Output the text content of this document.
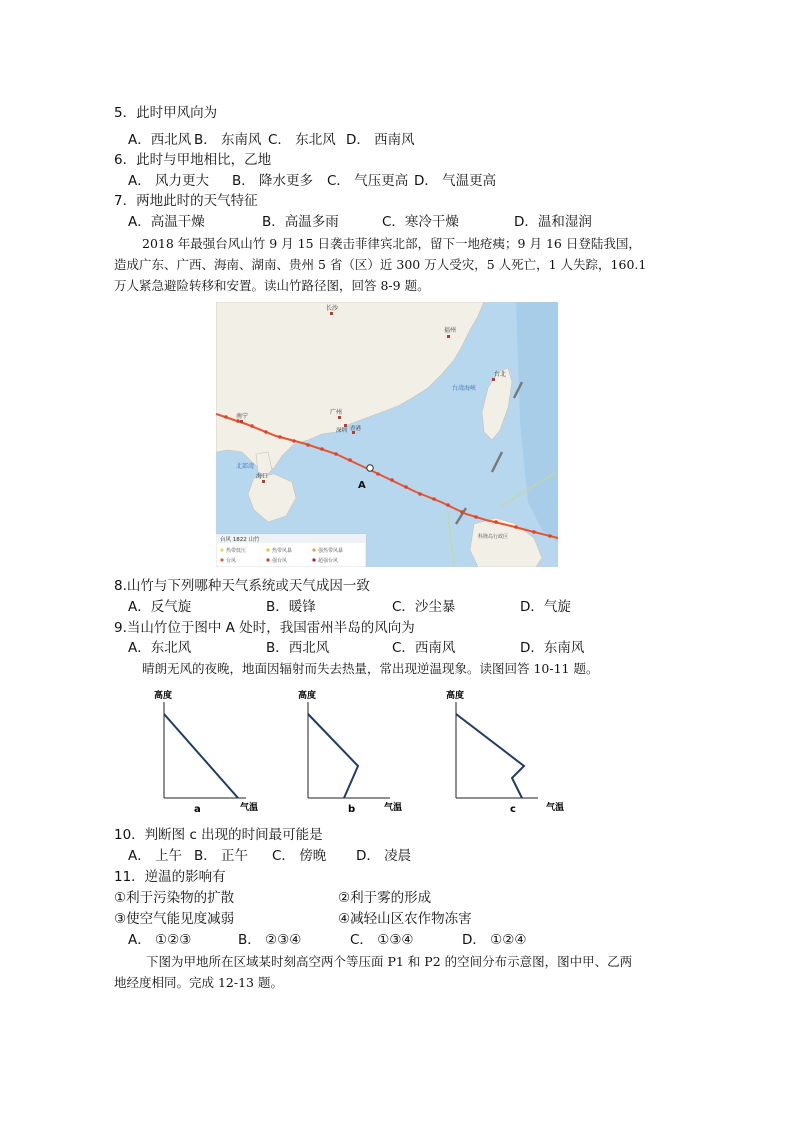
5．此时甲风向为
A．西北风 B． 东南风 C． 东北风 D． 西南风
6．此时与甲地相比，乙地
A． 风力更大 B． 降水更多 C． 气压更高 D． 气温更高
7．两地此时的天气特征
A．高温干燥	B．高温多雨	C．寒冷干燥	D．温和湿润
2018 年最强台风山竹 9 月 15 日袭击菲律宾北部，留下一地疮痍；9 月 16 日登陆我国，
造成广东、广西、海南、湖南、贵州 5 省（区）近 300 万人受灾，5 人死亡，1 人失踪，160.1
万人紧急避险转移和安置。读山竹路径图，回答 8-9 题。
长沙
福州
广州
深圳 香港
南宁
海口
北部湾
台湾海峡
台北
科隆岛行政区
A
台风 1822 山竹
热带低压	热带风暴	强热带风暴
台风	强台风	超强台风
8.山竹与下列哪种天气系统或天气成因一致
A．反气旋	B．暖锋	C．沙尘暴	D．气旋
9.当山竹位于图中 A 处时，我国雷州半岛的风向为
A．东北风	B．西北风	C．西南风	D．东南风
晴朗无风的夜晚，地面因辐射而失去热量，常出现逆温现象。读图回答 10-11 题。
高度
a	气温
高度
b	气温
高度
c	气温
10．判断图 c 出现的时间最可能是
A． 上午 B． 正午 C． 傍晚 D． 凌晨
11．逆温的影响有
①利于污染物的扩散	②利于雾的形成
③使空气能见度减弱	④减轻山区农作物冻害
A． ①②③	B． ②③④	C． ①③④	D． ①②④
下图为甲地所在区域某时刻高空两个等压面 P1 和 P2 的空间分布示意图，图中甲、乙两
地经度相同。完成 12-13 题。
